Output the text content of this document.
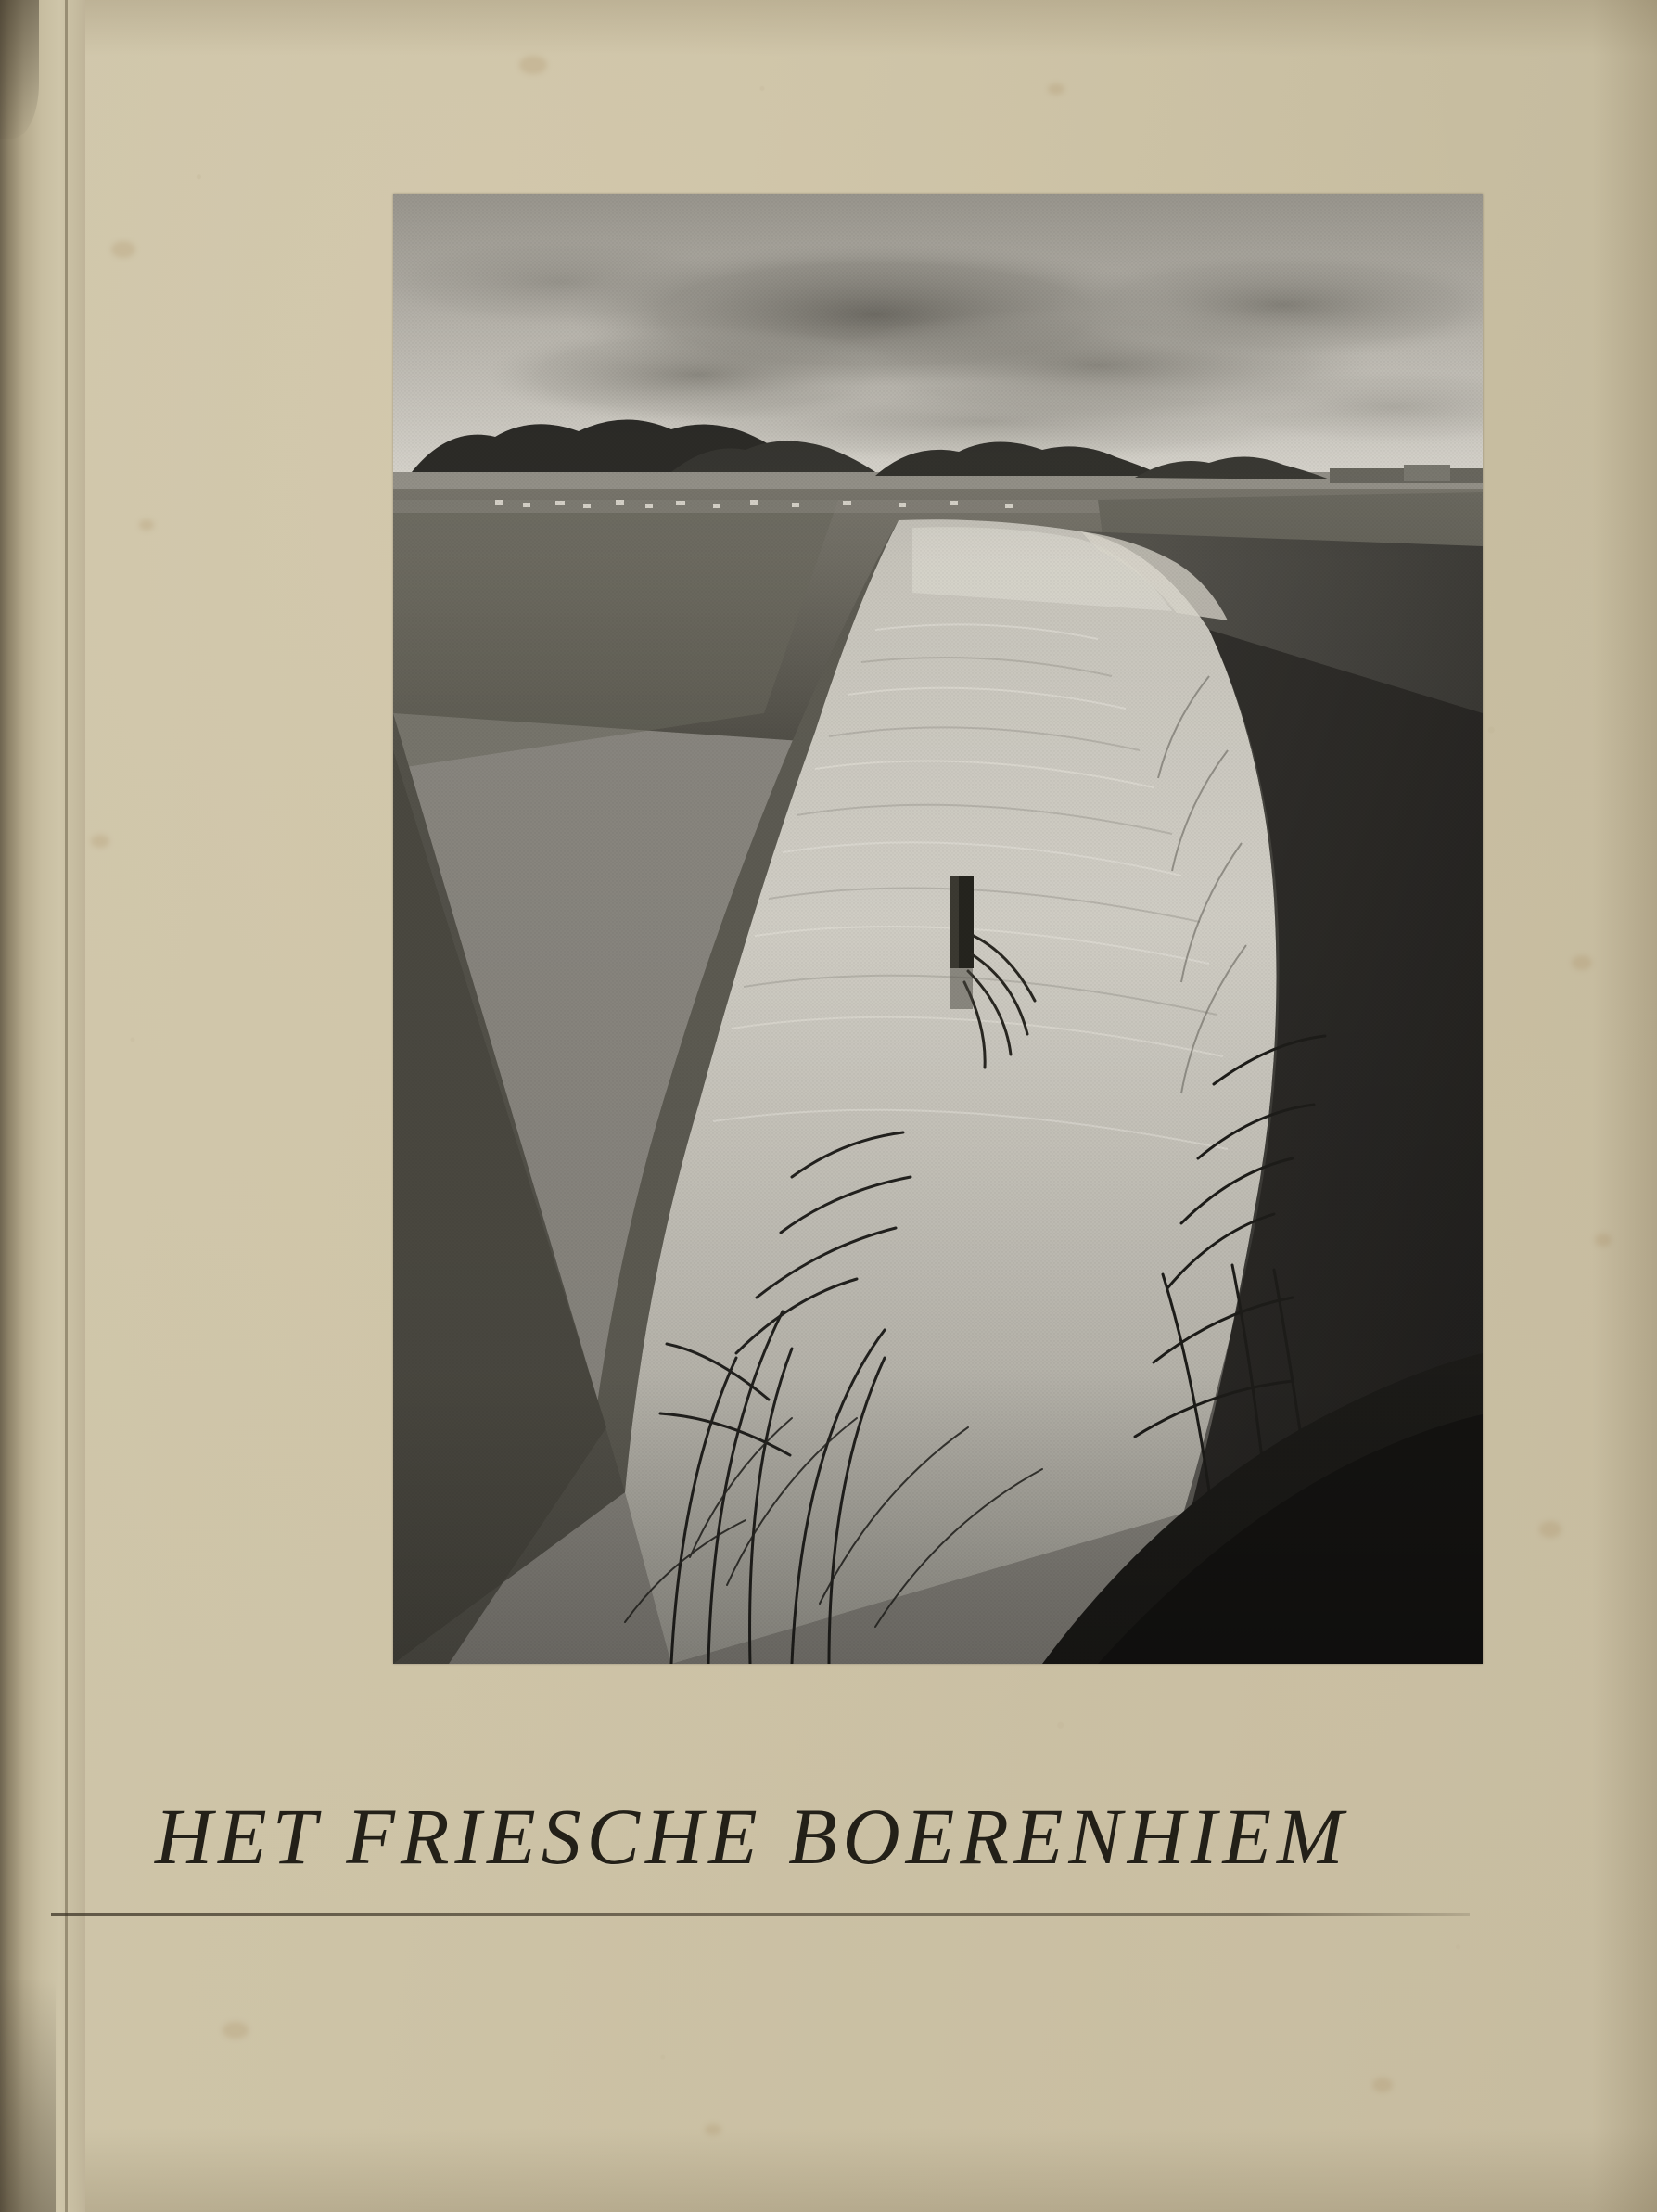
HET FRIESCHE BOERENHIEM
